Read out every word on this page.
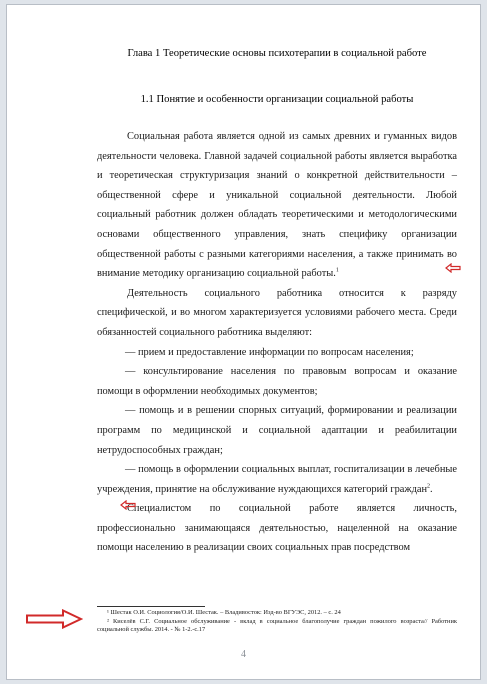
Глава 1 Теоретические основы психотерапии в социальной работе
1.1 Понятие и особенности организации социальной работы

Социальная работа является одной из самых древних и гуманных видов деятельности человека. Главной задачей социальной работы является выработка и теоретическая структуризация знаний о конкретной действительности – общественной сфере и уникальной социальной деятельности. Любой социальный работник должен обладать теоретическими и методологическими основами общественного управления, знать специфику организации общественной работы с разными категориями населения, а также принимать во внимание методику организацию социальной работы.$^1$

Деятельность социального работника относится к разряду специфической, и во многом характеризуется условиями рабочего места. Среди обязанностей социального работника выделяют:

— прием и предоставление информации по вопросам населения;

— консультирование населения по правовым вопросам и оказание помощи в оформлении необходимых документов;

— помощь и в решении спорных ситуаций, формировании и реализации программ по медицинской и социальной адаптации и реабилитации нетрудоспособных граждан;

— помощь в оформлении социальных выплат, госпитализации в лечебные учреждения, принятие на обслуживание нуждающихся категорий граждан$^2$.

Специалистом по социальной работе является личность, профессионально занимающаяся деятельностью, нацеленной на оказание помощи населению в реализации своих социальных прав посредством

¹ Шестак О.И. Социология/О.И. Шестак. – Владивосток: Изд-во ВГУЭС, 2012. – с. 24
² Киселёв С.Г. Социальное обслуживание - вклад в социальное благополучие граждан пожилого возраста// Работник социальной службы. 2014. - № 1-2.-с.17
4
